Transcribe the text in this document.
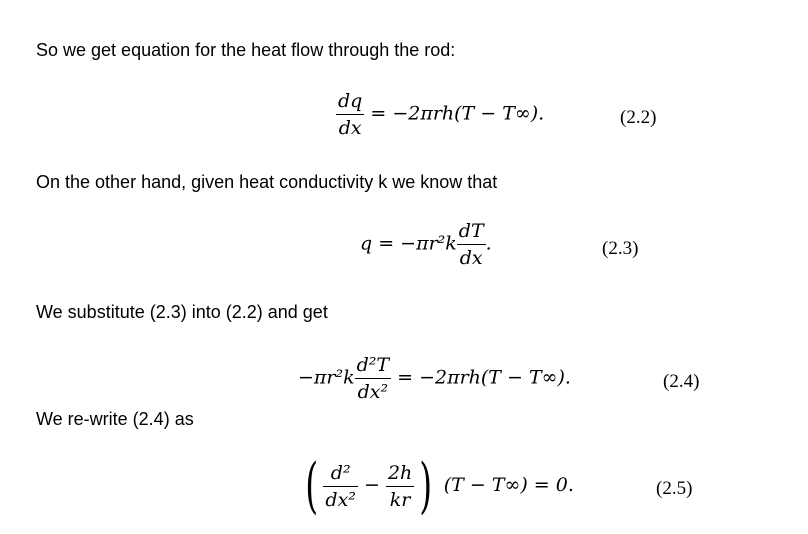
So we get equation for the heat flow through the rod:
On the other hand, given heat conductivity k we know that
We substitute (2.3) into (2.2) and get
We re-write (2.4) as
$\frac{dq}{dx} = -2\pi rh(T - T\infty)$.	(2.2)
$q = -\pi r^2k \frac{dT}{dx}$ .	(2.3)
$-\pi r^2k \frac{\text{d²T}}{\text{dx²}} = -2\pi rh(T - T\infty)$.	(2.4)
( $\frac{\text{d²}}{\text{dx²}} - \frac{2h}{kr}$ ) (T − T∞) = 0.	(2.5)
